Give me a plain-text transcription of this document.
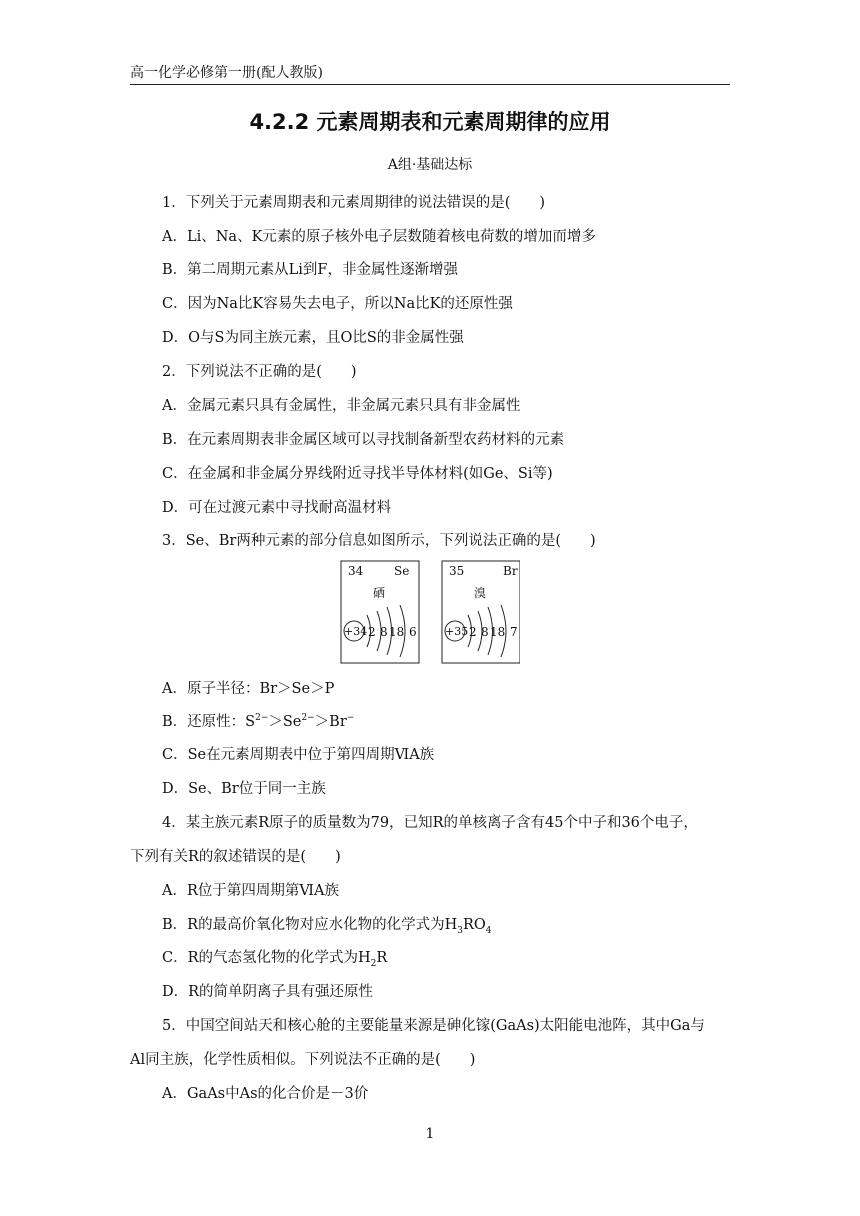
高一化学必修第一册(配人教版)
4.2.2 元素周期表和元素周期律的应用
A组·基础达标
1．下列关于元素周期表和元素周期律的说法错误的是(　　)
A．Li、Na、K元素的原子核外电子层数随着核电荷数的增加而增多
B．第二周期元素从Li到F，非金属性逐渐增强
C．因为Na比K容易失去电子，所以Na比K的还原性强
D．O与S为同主族元素，且O比S的非金属性强
2．下列说法不正确的是(　　)
A．金属元素只具有金属性，非金属元素只具有非金属性
B．在元素周期表非金属区域可以寻找制备新型农药材料的元素
C．在金属和非金属分界线附近寻找半导体材料(如Ge、Si等)
D．可在过渡元素中寻找耐高温材料
3．Se、Br两种元素的部分信息如图所示，下列说法正确的是(　　)
34	Se
硒
+34 2 8 18 6
35	Br
溴
+35 2 8 18 7
A．原子半径：Br＞Se＞P
B．还原性：$S^{2-}>Se^{2-}>Br^-$
C．Se在元素周期表中位于第四周期ⅥA族
D．Se、Br位于同一主族
4．某主族元素R原子的质量数为79，已知R的单核离子含有45个中子和36个电子，
下列有关R的叙述错误的是(　　)
A．R位于第四周期第ⅥA族
B．R的最高价氧化物对应水化物的化学式为$H_3RO_4$
C．R的气态氢化物的化学式为$H_2R$
D．R的简单阴离子具有强还原性
5．中国空间站天和核心舱的主要能量来源是砷化镓(GaAs)太阳能电池阵，其中Ga与
Al同主族，化学性质相似。下列说法不正确的是(　　)
A．GaAs中As的化合价是－3价
1
